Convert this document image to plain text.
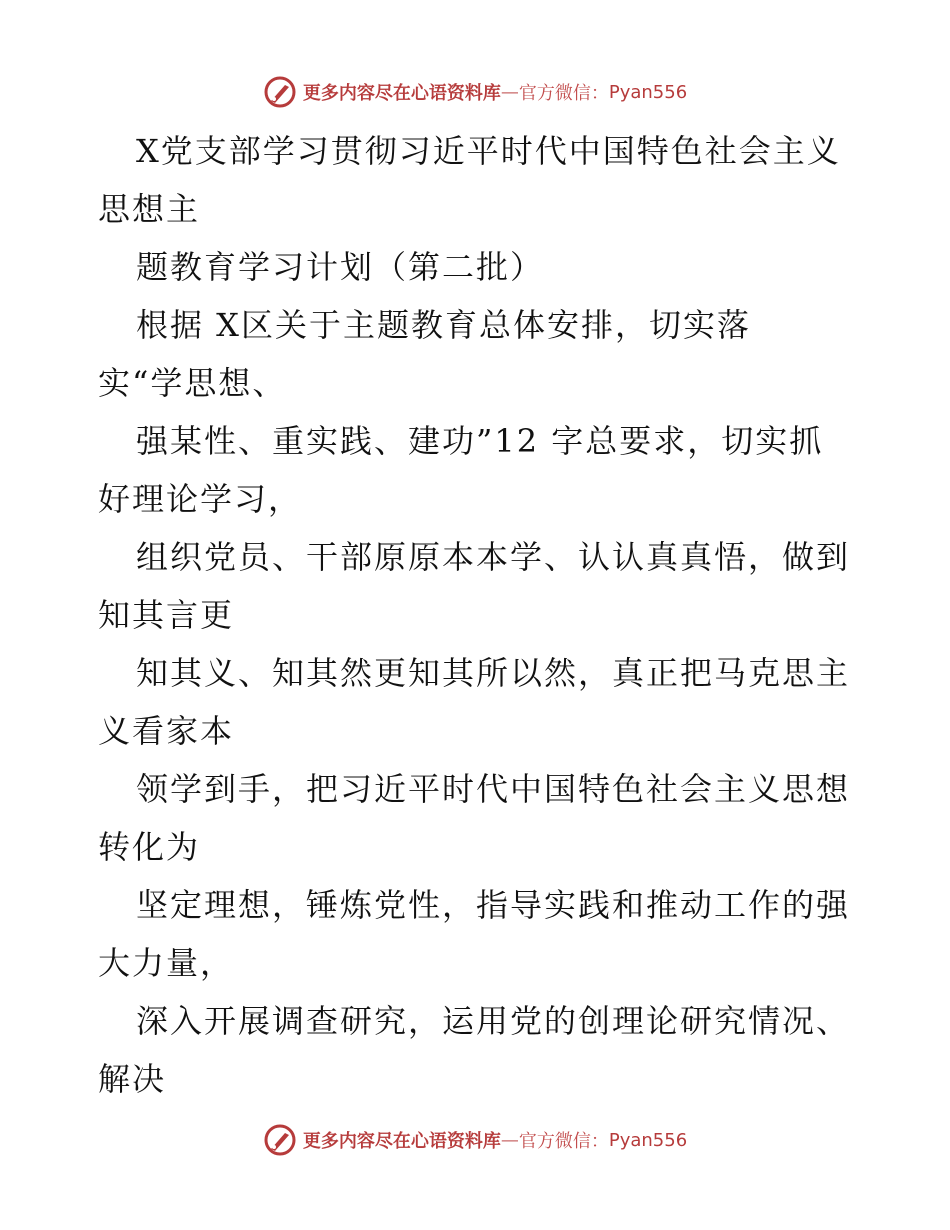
更多内容尽在心语资料库 — 官方微信： Pyan556
X党支部学习贯彻习近平时代中国特色社会主义
思想主
题教育学习计划（第二批）
根据 X区关于主题教育总体安排，切实落
实“学思想、
强某性、重实践、建功”12 字总要求，切实抓
好理论学习，
组织党员、干部原原本本学、认认真真悟，做到
知其言更
知其义、知其然更知其所以然，真正把马克思主
义看家本
领学到手，把习近平时代中国特色社会主义思想
转化为
坚定理想，锤炼党性，指导实践和推动工作的强
大力量，
深入开展调查研究，运用党的创理论研究情况、
解决
更多内容尽在心语资料库 — 官方微信： Pyan556
